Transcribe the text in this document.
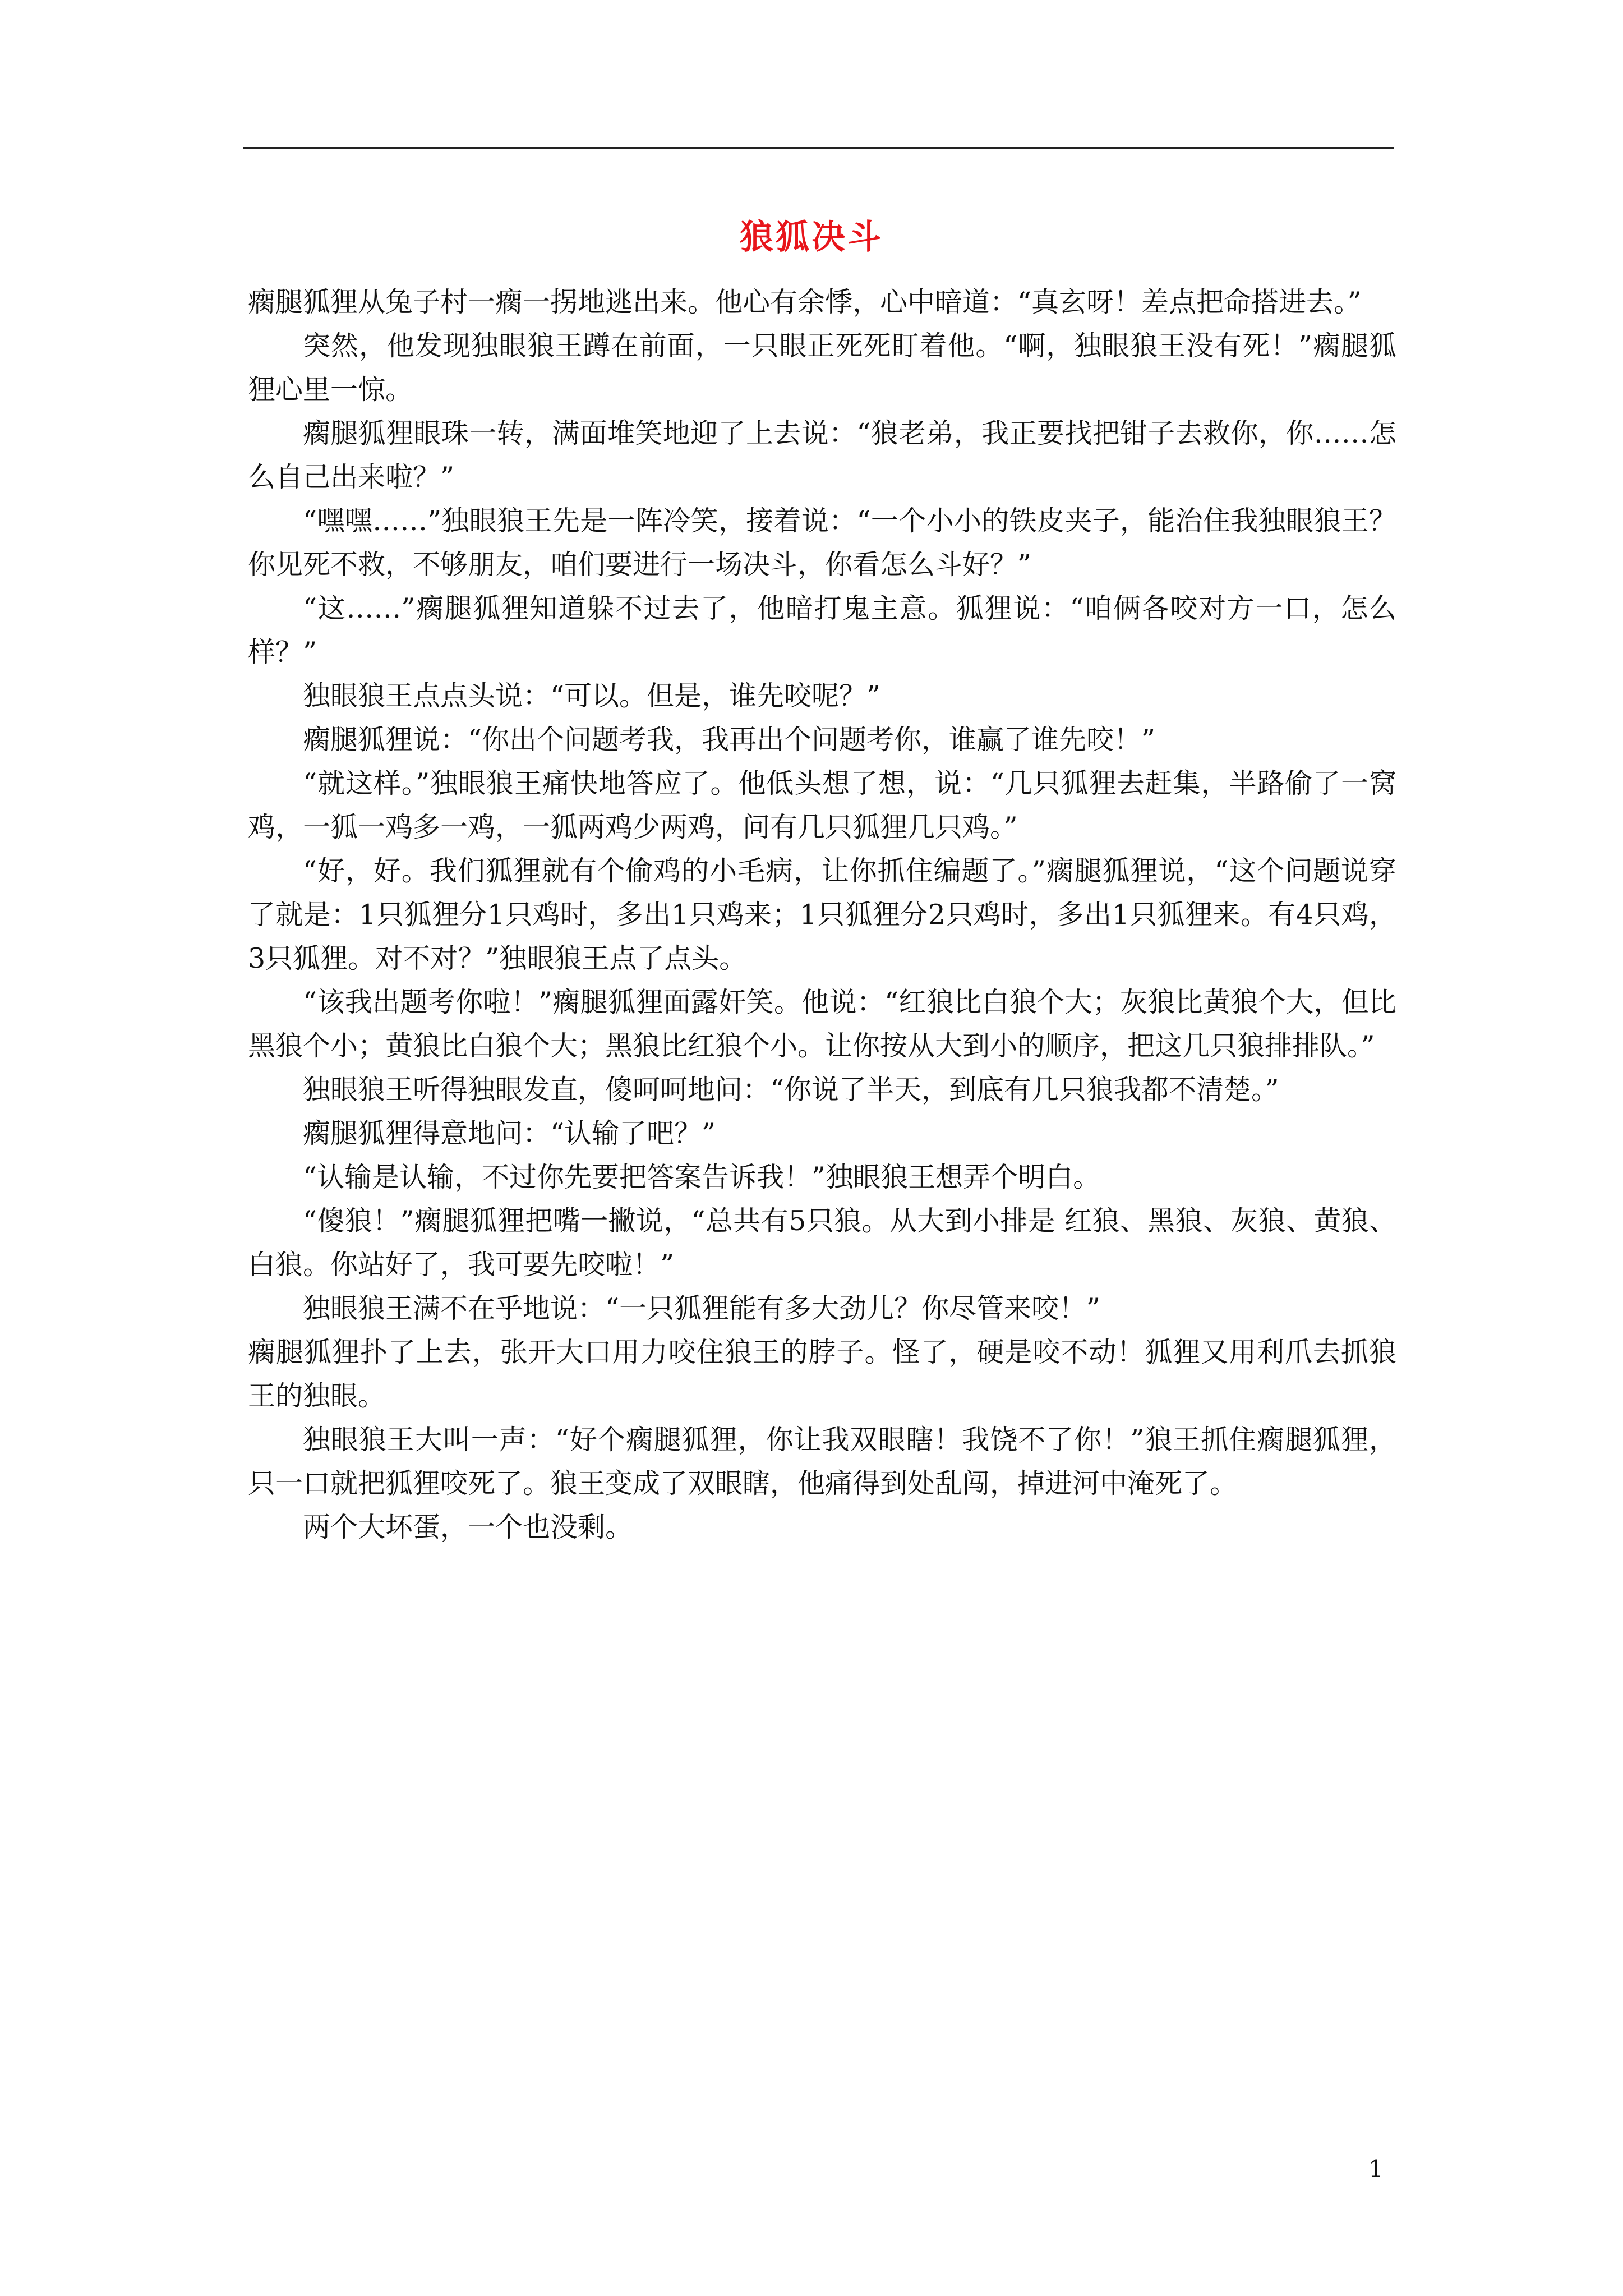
狼狐决斗

瘸腿狐狸从兔子村一瘸一拐地逃出来。他心有余悸，心中暗道：“真玄呀！差点把命搭进去。”

突然，他发现独眼狼王蹲在前面，一只眼正死死盯着他。“啊，独眼狼王没有死！”瘸腿狐狸心里一惊。

瘸腿狐狸眼珠一转，满面堆笑地迎了上去说：“狼老弟，我正要找把钳子去救你，你……怎么自己出来啦？”

“嘿嘿……”独眼狼王先是一阵冷笑，接着说：“一个小小的铁皮夹子，能治住我独眼狼王？你见死不救，不够朋友，咱们要进行一场决斗，你看怎么斗好？”

“这……”瘸腿狐狸知道躲不过去了，他暗打鬼主意。狐狸说：“咱俩各咬对方一口，怎么样？”

独眼狼王点点头说：“可以。但是，谁先咬呢？”

瘸腿狐狸说：“你出个问题考我，我再出个问题考你，谁赢了谁先咬！”

“就这样。”独眼狼王痛快地答应了。他低头想了想，说：“几只狐狸去赶集，半路偷了一窝鸡，一狐一鸡多一鸡，一狐两鸡少两鸡，问有几只狐狸几只鸡。”

“好，好。我们狐狸就有个偷鸡的小毛病，让你抓住编题了。”瘸腿狐狸说，“这个问题说穿了就是：1只狐狸分1只鸡时，多出1只鸡来；1只狐狸分2只鸡时，多出1只狐狸来。有4只鸡，3只狐狸。对不对？”独眼狼王点了点头。

“该我出题考你啦！”瘸腿狐狸面露奸笑。他说：“红狼比白狼个大；灰狼比黄狼个大，但比黑狼个小；黄狼比白狼个大；黑狼比红狼个小。让你按从大到小的顺序，把这几只狼排排队。”

独眼狼王听得独眼发直，傻呵呵地问：“你说了半天，到底有几只狼我都不清楚。”

瘸腿狐狸得意地问：“认输了吧？”

“认输是认输，不过你先要把答案告诉我！”独眼狼王想弄个明白。

“傻狼！”瘸腿狐狸把嘴一撇说，“总共有5只狼。从大到小排是 红狼、黑狼、灰狼、黄狼、白狼。你站好了，我可要先咬啦！”

独眼狼王满不在乎地说：“一只狐狸能有多大劲儿？你尽管来咬！”

瘸腿狐狸扑了上去，张开大口用力咬住狼王的脖子。怪了，硬是咬不动！狐狸又用利爪去抓狼王的独眼。

独眼狼王大叫一声：“好个瘸腿狐狸，你让我双眼瞎！我饶不了你！”狼王抓住瘸腿狐狸，只一口就把狐狸咬死了。狼王变成了双眼瞎，他痛得到处乱闯，掉进河中淹死了。

两个大坏蛋，一个也没剩。

1
